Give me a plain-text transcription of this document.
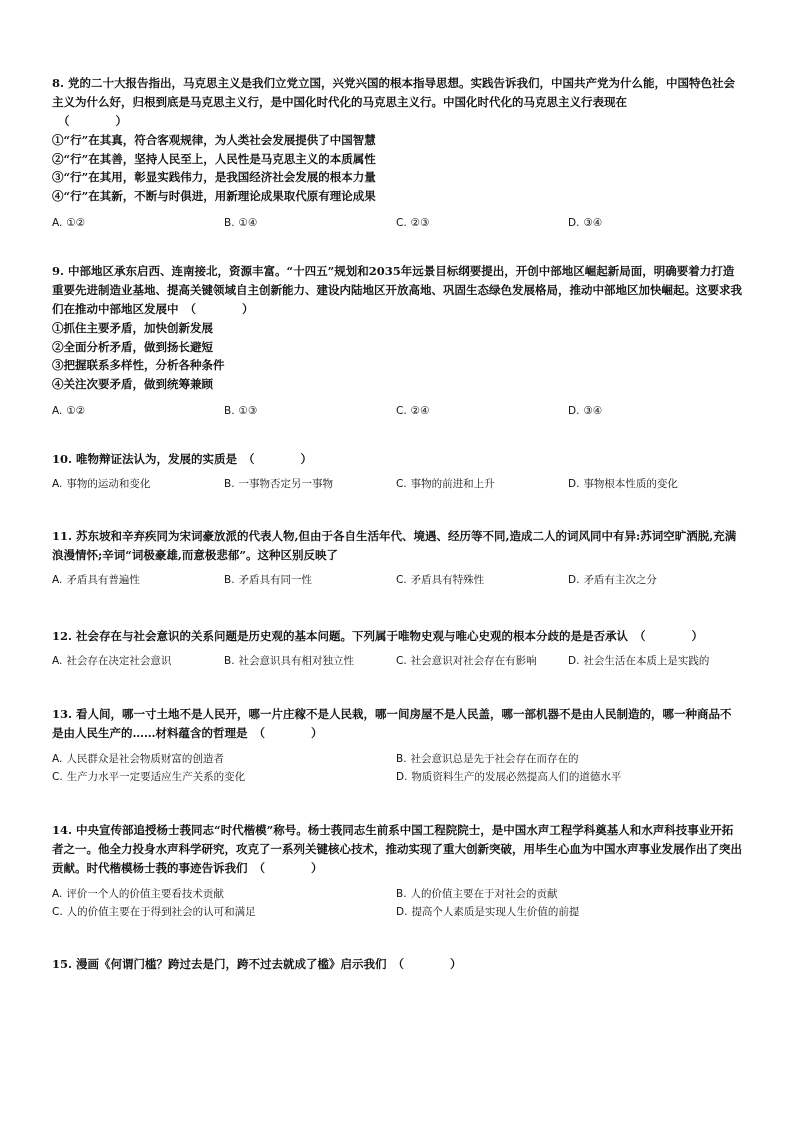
8. 党的二十大报告指出，马克思主义是我们立党立国，兴党兴国的根本指导思想。实践告诉我们，中国共产党为什么能，中国特色社会主义为什么好，归根到底是马克思主义行，是中国化时代化的马克思主义行。中国化时代化的马克思主义行表现在
（　　　　）

①“行”在其真，符合客观规律，为人类社会发展提供了中国智慧

②“行”在其善，坚持人民至上，人民性是马克思主义的本质属性

③“行”在其用，彰显实践伟力，是我国经济社会发展的根本力量

④“行”在其新，不断与时俱进，用新理论成果取代原有理论成果

A. ①②	B. ①④	C. ②③	D. ③④

9. 中部地区承东启西、连南接北，资源丰富。“十四五”规划和2035年远景目标纲要提出，开创中部地区崛起新局面，明确要着力打造重要先进制造业基地、提高关键领域自主创新能力、建设内陆地区开放高地、巩固生态绿色发展格局，推动中部地区加快崛起。这要求我们在推动中部地区发展中 （　　　　）

①抓住主要矛盾，加快创新发展

②全面分析矛盾，做到扬长避短

③把握联系多样性，分析各种条件

④关注次要矛盾，做到统筹兼顾

A. ①②	B. ①③	C. ②④	D. ③④

10. 唯物辩证法认为，发展的实质是 （　　　　）

A. 事物的运动和变化	B. 一事物否定另一事物	C. 事物的前进和上升	D. 事物根本性质的变化

11. 苏东坡和辛弃疾同为宋词豪放派的代表人物,但由于各自生活年代、境遇、经历等不同,造成二人的词风同中有异:苏词空旷洒脱,充满浪漫情怀;辛词“词极豪雄,而意极悲郁”。这种区别反映了

A. 矛盾具有普遍性	B. 矛盾具有同一性	C. 矛盾具有特殊性	D. 矛盾有主次之分

12. 社会存在与社会意识的关系问题是历史观的基本问题。下列属于唯物史观与唯心史观的根本分歧的是是否承认 （　　　　）

A. 社会存在决定社会意识	B. 社会意识具有相对独立性	C. 社会意识对社会存在有影响	D. 社会生活在本质上是实践的

13. 看人间，哪一寸土地不是人民开，哪一片庄稼不是人民栽，哪一间房屋不是人民盖，哪一部机器不是由人民制造的，哪一种商品不是由人民生产的……材料蕴含的哲理是 （　　　　）

A. 人民群众是社会物质财富的创造者	B. 社会意识总是先于社会存在而存在的
C. 生产力水平一定要适应生产关系的变化	D. 物质资料生产的发展必然提高人们的道德水平

14. 中央宣传部追授杨士莪同志“时代楷模”称号。杨士莪同志生前系中国工程院院士，是中国水声工程学科奠基人和水声科技事业开拓者之一。他全力投身水声科学研究，攻克了一系列关键核心技术，推动实现了重大创新突破，用毕生心血为中国水声事业发展作出了突出贡献。时代楷模杨士莪的事迹告诉我们 （　　　　）

A. 评价一个人的价值主要看技术贡献	B. 人的价值主要在于对社会的贡献
C. 人的价值主要在于得到社会的认可和满足	D. 提高个人素质是实现人生价值的前提

15. 漫画《何谓门槛？跨过去是门，跨不过去就成了槛》启示我们 （　　　　）
